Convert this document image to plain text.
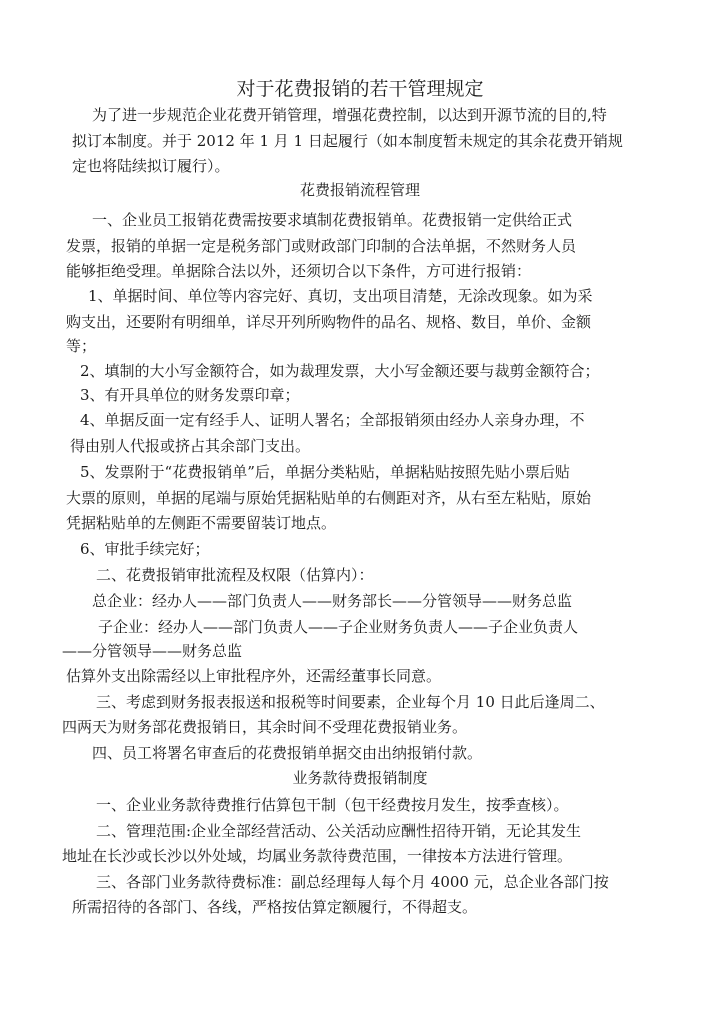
对于花费报销的若干管理规定
为了进一步规范企业花费开销管理，增强花费控制，以达到开源节流的目的,特
拟订本制度。并于 2012 年 1 月 1 日起履行（如本制度暂未规定的其余花费开销规
定也将陆续拟订履行）。
花费报销流程管理
一、企业员工报销花费需按要求填制花费报销单。花费报销一定供给正式
发票，报销的单据一定是税务部门或财政部门印制的合法单据，不然财务人员
能够拒绝受理。单据除合法以外，还须切合以下条件，方可进行报销：
1、单据时间、单位等内容完好、真切，支出项目清楚，无涂改现象。如为采
购支出，还要附有明细单，详尽开列所购物件的品名、规格、数目，单价、金额
等；
2、填制的大小写金额符合，如为裁理发票，大小写金额还要与裁剪金额符合；
3、有开具单位的财务发票印章；
4、单据反面一定有经手人、证明人署名；全部报销须由经办人亲身办理，不
得由别人代报或挤占其余部门支出。
5、发票附于“花费报销单”后，单据分类粘贴，单据粘贴按照先贴小票后贴
大票的原则，单据的尾端与原始凭据粘贴单的右侧距对齐，从右至左粘贴，原始
凭据粘贴单的左侧距不需要留装订地点。
6、审批手续完好；
二、花费报销审批流程及权限（估算内）：
总企业：经办人——部门负责人——财务部长——分管领导——财务总监
子企业：经办人——部门负责人——子企业财务负责人——子企业负责人
——分管领导——财务总监
估算外支出除需经以上审批程序外，还需经董事长同意。
三、考虑到财务报表报送和报税等时间要素，企业每个月 10 日此后逢周二、
四两天为财务部花费报销日，其余时间不受理花费报销业务。
四、员工将署名审查后的花费报销单据交由出纳报销付款。
业务款待费报销制度
一、企业业务款待费推行估算包干制（包干经费按月发生，按季查核）。
二、管理范围:企业全部经营活动、公关活动应酬性招待开销，无论其发生
地址在长沙或长沙以外处域，均属业务款待费范围，一律按本方法进行管理。
三、各部门业务款待费标准：副总经理每人每个月 4000 元，总企业各部门按
所需招待的各部门、各线，严格按估算定额履行，不得超支。
